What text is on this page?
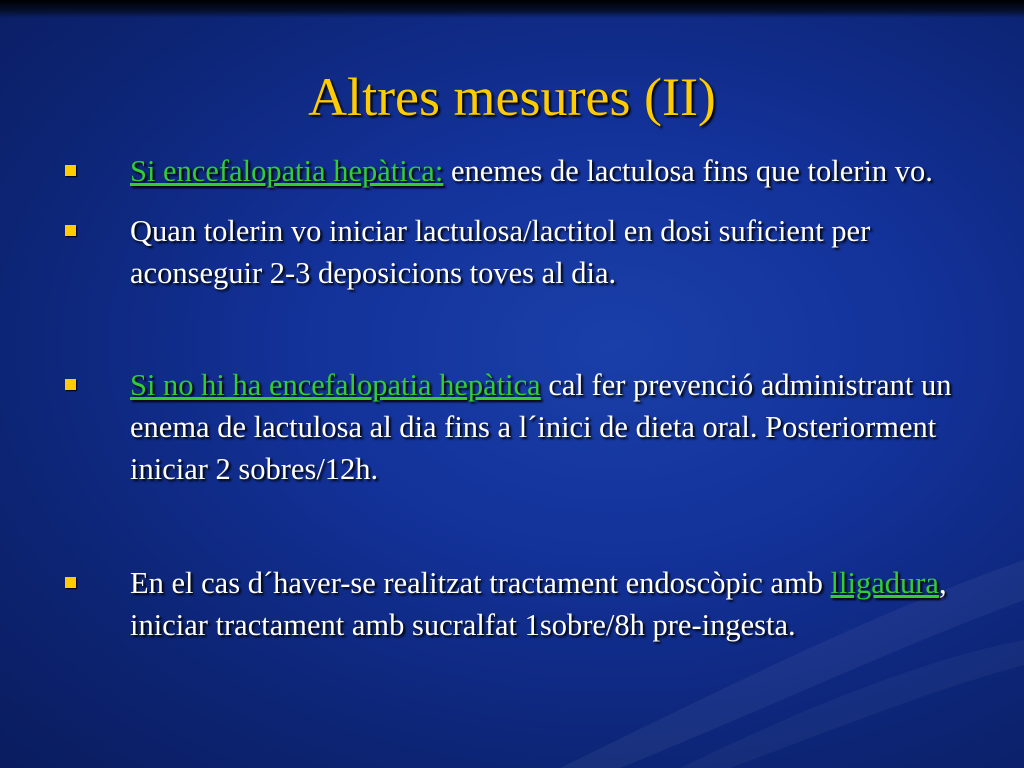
Altres mesures (II)
Si encefalopatia hepàtica: enemes de lactulosa fins que tolerin vo.
Quan tolerin vo iniciar lactulosa/lactitol en dosi suficient per aconseguir 2-3 deposicions toves al dia.
Si no hi ha encefalopatia hepàtica cal fer prevenció administrant un enema de lactulosa al dia fins a l´inici de dieta oral. Posteriorment iniciar 2 sobres/12h.
En el cas d´haver-se realitzat tractament endoscòpic amb lligadura, iniciar tractament amb sucralfat 1sobre/8h pre-ingesta.
